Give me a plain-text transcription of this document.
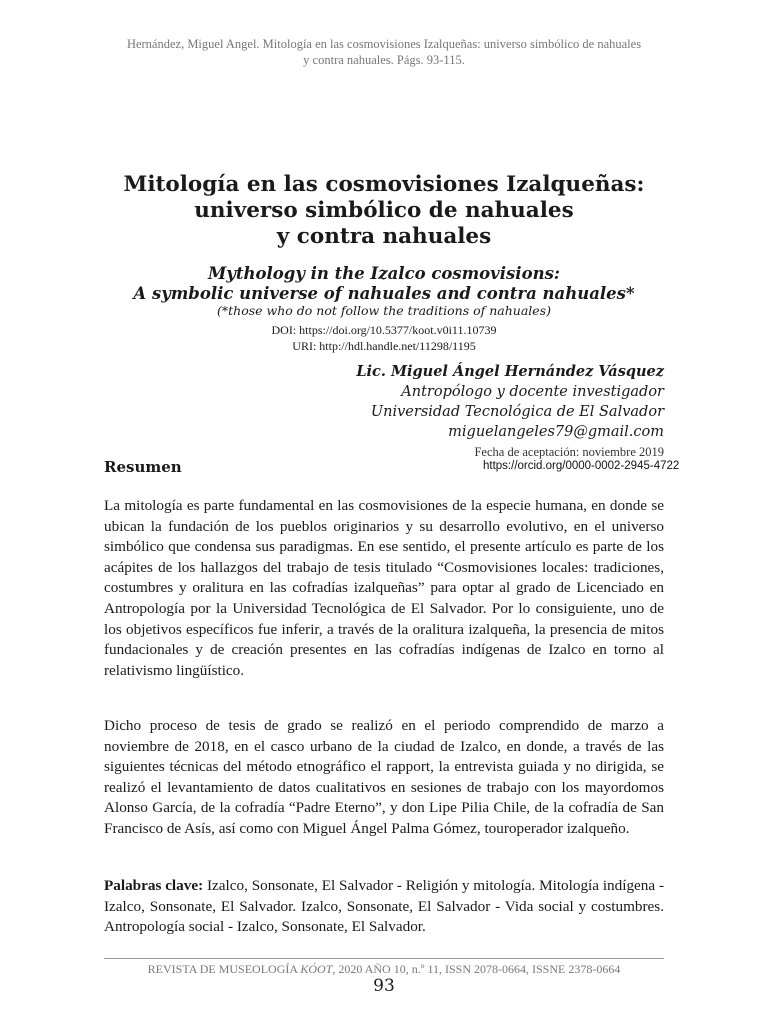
Hernández, Miguel Angel. Mitología en las cosmovisiones Izalqueñas: universo simbólico de nahuales
y contra nahuales. Págs. 93-115.
Mitología en las cosmovisiones Izalqueñas:
universo simbólico de nahuales
y contra nahuales
Mythology in the Izalco cosmovisions:
A symbolic universe of nahuales and contra nahuales*
(*those who do not follow the traditions of nahuales)
DOI: https://doi.org/10.5377/koot.v0i11.10739
URI: http://hdl.handle.net/11298/1195
Lic. Miguel Ángel Hernández Vásquez
Antropólogo y docente investigador
Universidad Tecnológica de El Salvador
miguelangeles79@gmail.com
Fecha de aceptación: noviembre 2019
Resumen	https://orcid.org/0000-0002-2945-4722

La mitología es parte fundamental en las cosmovisiones de la especie humana, en donde se ubican la fundación de los pueblos originarios y su desarrollo evolutivo, en el universo simbólico que condensa sus paradigmas. En ese sentido, el presente artículo es parte de los acápites de los hallazgos del trabajo de tesis titulado “Cosmovisiones locales: tradiciones, costumbres y oralitura en las cofradías izalqueñas” para optar al grado de Licenciado en Antropología por la Universidad Tecnológica de El Salvador. Por lo consiguiente, uno de los objetivos específicos fue inferir, a través de la oralitura izalqueña, la presencia de mitos fundacionales y de creación presentes en las cofradías indígenas de Izalco en torno al relativismo lingüístico.

Dicho proceso de tesis de grado se realizó en el periodo comprendido de marzo a noviembre de 2018, en el casco urbano de la ciudad de Izalco, en donde, a través de las siguientes técnicas del método etnográfico el rapport, la entrevista guiada y no dirigida, se realizó el levantamiento de datos cualitativos en sesiones de trabajo con los mayordomos Alonso García, de la cofradía “Padre Eterno”, y don Lipe Pilia Chile, de la cofradía de San Francisco de Asís, así como con Miguel Ángel Palma Gómez, touroperador izalqueño.

Palabras clave: Izalco, Sonsonate, El Salvador - Religión y mitología. Mitología indígena - Izalco, Sonsonate, El Salvador. Izalco, Sonsonate, El Salvador - Vida social y costumbres. Antropología social - Izalco, Sonsonate, El Salvador.

REVISTA DE MUSEOLOGÍA KÓOT, 2020 AÑO 10, n.º 11, ISSN 2078-0664, ISSNE 2378-0664
93
